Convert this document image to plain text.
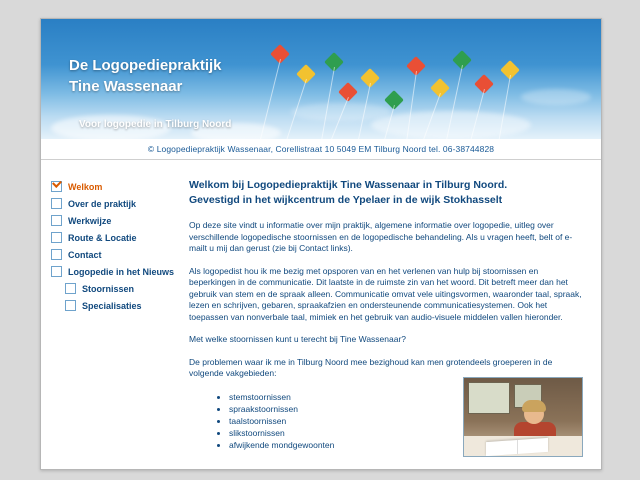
De Logopediepraktijk
Tine Wassenaar
Voor logopedie in Tilburg Noord
© Logopediepraktijk Wassenaar, Corellistraat 10 5049 EM Tilburg Noord tel. 06-38744828
Welkom
Over de praktijk
Werkwijze
Route & Locatie
Contact
Logopedie in het Nieuws
Stoornissen
Specialisaties
Welkom bij Logopediepraktijk Tine Wassenaar in Tilburg Noord.
Gevestigd in het wijkcentrum de Ypelaer in de wijk Stokhasselt

Op deze site vindt u informatie over mijn praktijk, algemene informatie over logopedie, uitleg over verschillende logopedische stoornissen en de logopedische behandeling. Als u vragen heeft, belt of e-mailt u mij dan gerust (zie bij Contact links).

Als logopedist hou ik me bezig met opsporen van en het verlenen van hulp bij stoornissen en beperkingen in de communicatie. Dit laatste in de ruimste zin van het woord. Dit betreft meer dan het gebruik van stem en de spraak alleen. Communicatie omvat vele uitingsvormen, waaronder taal, spraak, lezen en schrijven, gebaren, spraakafzien en ondersteunende communicatiesystemen. Ook het toepassen van nonverbale taal, mimiek en het gebruik van audio-visuele middelen vallen hieronder.

Met welke stoornissen kunt u terecht bij Tine Wassenaar?

De problemen waar ik me in Tilburg Noord mee bezighoud kan men grotendeels groeperen in de volgende vakgebieden:

• stemstoornissen
• spraakstoornissen
• taalstoornissen
• slikstoornissen
• afwijkende mondgewoonten
